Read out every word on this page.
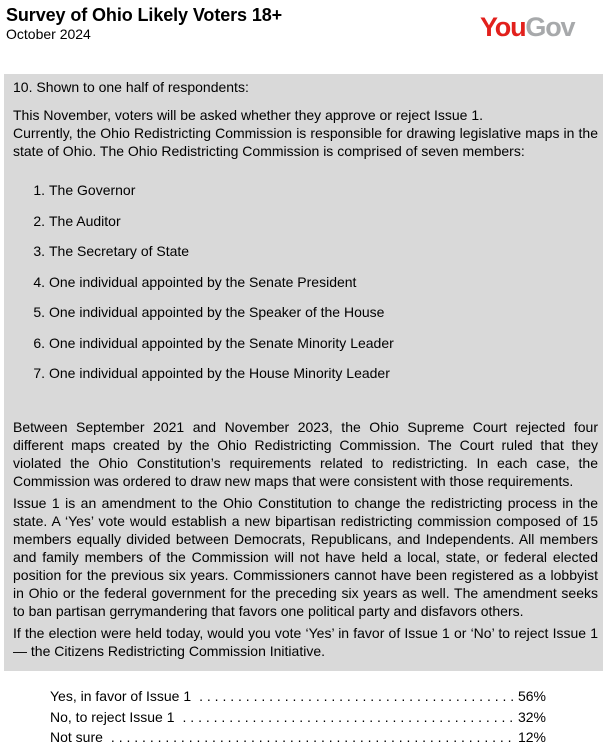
Survey of Ohio Likely Voters 18+
October 2024	YouGov

10. Shown to one half of respondents:

This November, voters will be asked whether they approve or reject Issue 1.

Currently, the Ohio Redistricting Commission is responsible for drawing legislative maps in the state of Ohio. The Ohio Redistricting Commission is comprised of seven members:

1. The Governor
2. The Auditor
3. The Secretary of State
4. One individual appointed by the Senate President
5. One individual appointed by the Speaker of the House
6. One individual appointed by the Senate Minority Leader
7. One individual appointed by the House Minority Leader

Between September 2021 and November 2023, the Ohio Supreme Court rejected four different maps created by the Ohio Redistricting Commission. The Court ruled that they violated the Ohio Constitution’s requirements related to redistricting. In each case, the Commission was ordered to draw new maps that were consistent with those requirements.

Issue 1 is an amendment to the Ohio Constitution to change the redistricting process in the state. A ‘Yes’ vote would establish a new bipartisan redistricting commission composed of 15 members equally divided between Democrats, Republicans, and Independents. All members and family members of the Commission will not have held a local, state, or federal elected position for the previous six years. Commissioners cannot have been registered as a lobbyist in Ohio or the federal government for the preceding six years as well. The amendment seeks to ban partisan gerrymandering that favors one political party and disfavors others.

If the election were held today, would you vote ‘Yes’ in favor of Issue 1 or ‘No’ to reject Issue 1 — the Citizens Redistricting Commission Initiative.

Yes, in favor of Issue 1 . . .	56%
No, to reject Issue 1 . . .	32%
Not sure . . .	12%
